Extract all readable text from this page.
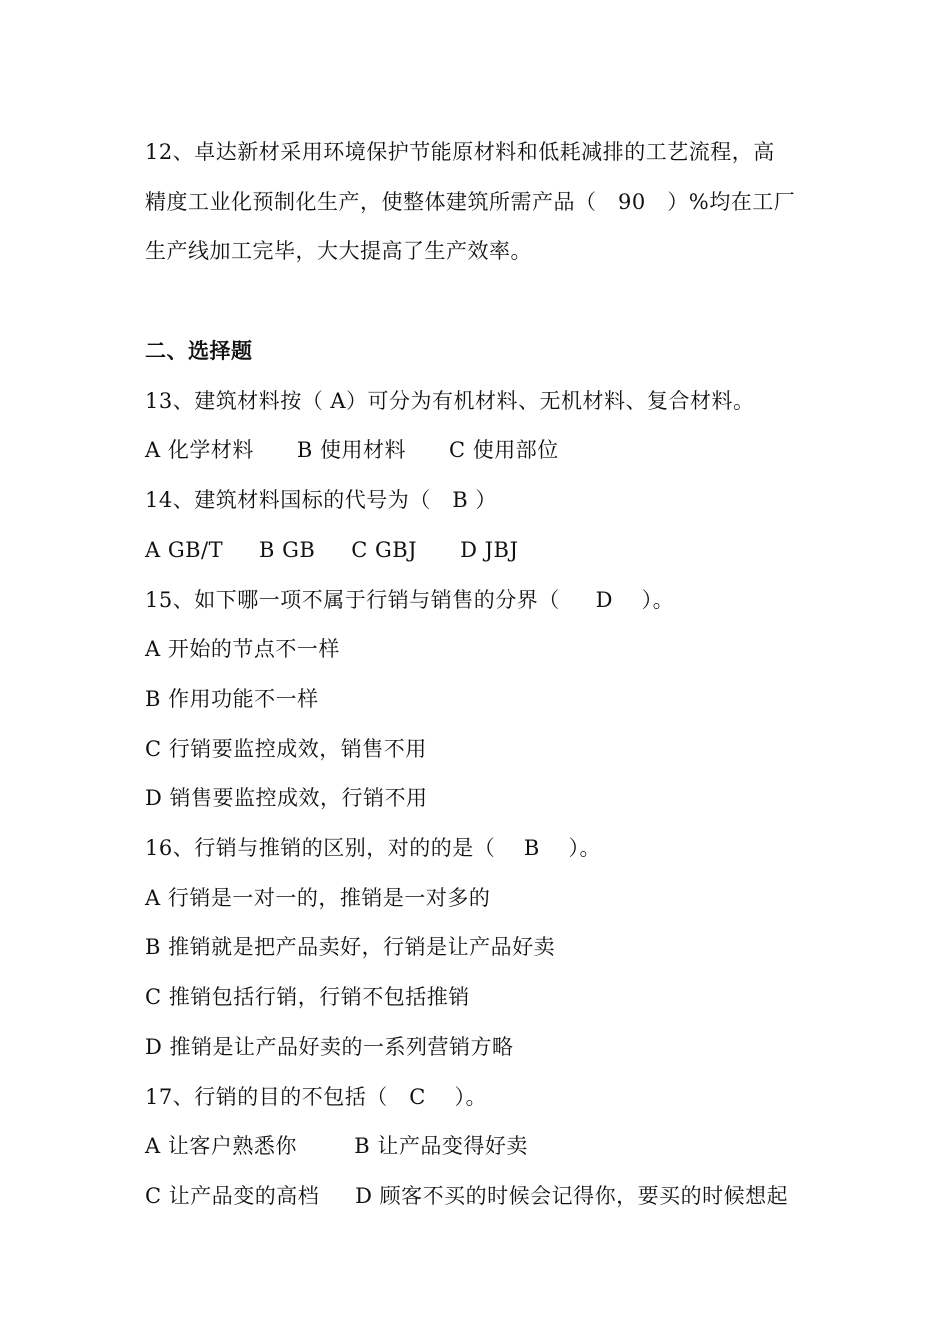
12、卓达新材采用环境保护节能原材料和低耗减排的工艺流程，高
精度工业化预制化生产，使整体建筑所需产品（   90   ）%均在工厂
生产线加工完毕，大大提高了生产效率。
二、选择题
13、建筑材料按（ A）可分为有机材料、无机材料、复合材料。
A 化学材料      B 使用材料      C 使用部位
14、建筑材料国标的代号为（   B ）
A GB/T     B GB     C GBJ      D JBJ
15、如下哪一项不属于行销与销售的分界（     D    ）。
A 开始的节点不一样
B 作用功能不一样
C 行销要监控成效，销售不用
D 销售要监控成效，行销不用
16、行销与推销的区别，对的的是（    B    ）。
A 行销是一对一的，推销是一对多的
B 推销就是把产品卖好，行销是让产品好卖
C 推销包括行销，行销不包括推销
D 推销是让产品好卖的一系列营销方略
17、行销的目的不包括（   C    ）。
A 让客户熟悉你        B 让产品变得好卖
C 让产品变的高档     D 顾客不买的时候会记得你，要买的时候想起
